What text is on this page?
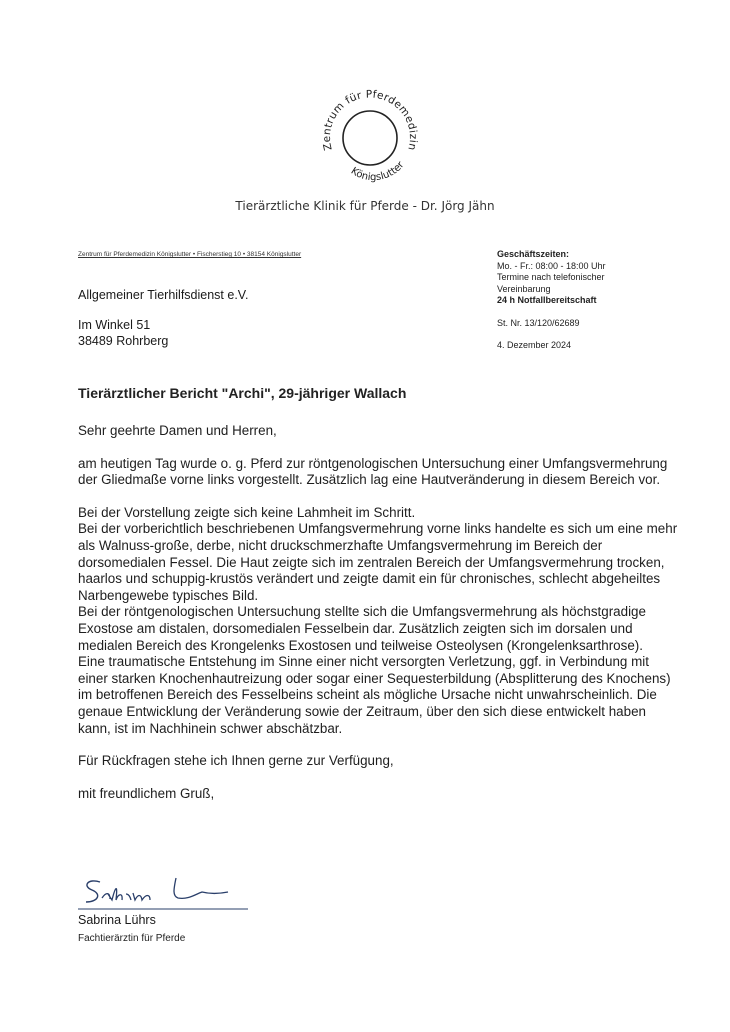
Zentrum für Pferdemedizin
Königslutter
Tierärztliche Klinik für Pferde - Dr. Jörg Jähn
Zentrum für Pferdemedizin Königslutter • Fischerstieg 10 • 38154 Königslutter
Allgemeiner Tierhilfsdienst e.V.
Im Winkel 51
38489 Rohrberg
Geschäftszeiten:
Mo. - Fr.: 08:00 - 18:00 Uhr
Termine nach telefonischer
Vereinbarung
24 h Notfallbereitschaft
St. Nr. 13/120/62689
4. Dezember 2024
Tierärztlicher Bericht "Archi", 29-jähriger Wallach

Sehr geehrte Damen und Herren,

am heutigen Tag wurde o. g. Pferd zur röntgenologischen Untersuchung einer Umfangsvermehrung der Gliedmaße vorne links vorgestellt. Zusätzlich lag eine Hautveränderung in diesem Bereich vor.

Bei der Vorstellung zeigte sich keine Lahmheit im Schritt.

Bei der vorberichtlich beschriebenen Umfangsvermehrung vorne links handelte es sich um eine mehr als Walnuss-große, derbe, nicht druckschmerzhafte Umfangsvermehrung im Bereich der dorsomedialen Fessel. Die Haut zeigte sich im zentralen Bereich der Umfangsvermehrung trocken, haarlos und schuppig-krustös verändert und zeigte damit ein für chronisches, schlecht abgeheiltes Narbengewebe typisches Bild.

Bei der röntgenologischen Untersuchung stellte sich die Umfangsvermehrung als höchstgradige Exostose am distalen, dorsomedialen Fesselbein dar. Zusätzlich zeigten sich im dorsalen und medialen Bereich des Krongelenks Exostosen und teilweise Osteolysen (Krongelenksarthrose).

Eine traumatische Entstehung im Sinne einer nicht versorgten Verletzung, ggf. in Verbindung mit einer starken Knochenhautreizung oder sogar einer Sequesterbildung (Absplitterung des Knochens) im betroffenen Bereich des Fesselbeins scheint als mögliche Ursache nicht unwahrscheinlich. Die genaue Entwicklung der Veränderung sowie der Zeitraum, über den sich diese entwickelt haben kann, ist im Nachhinein schwer abschätzbar.

Für Rückfragen stehe ich Ihnen gerne zur Verfügung,

mit freundlichem Gruß,

Sabrina Lührs
Fachtierärztin für Pferde
